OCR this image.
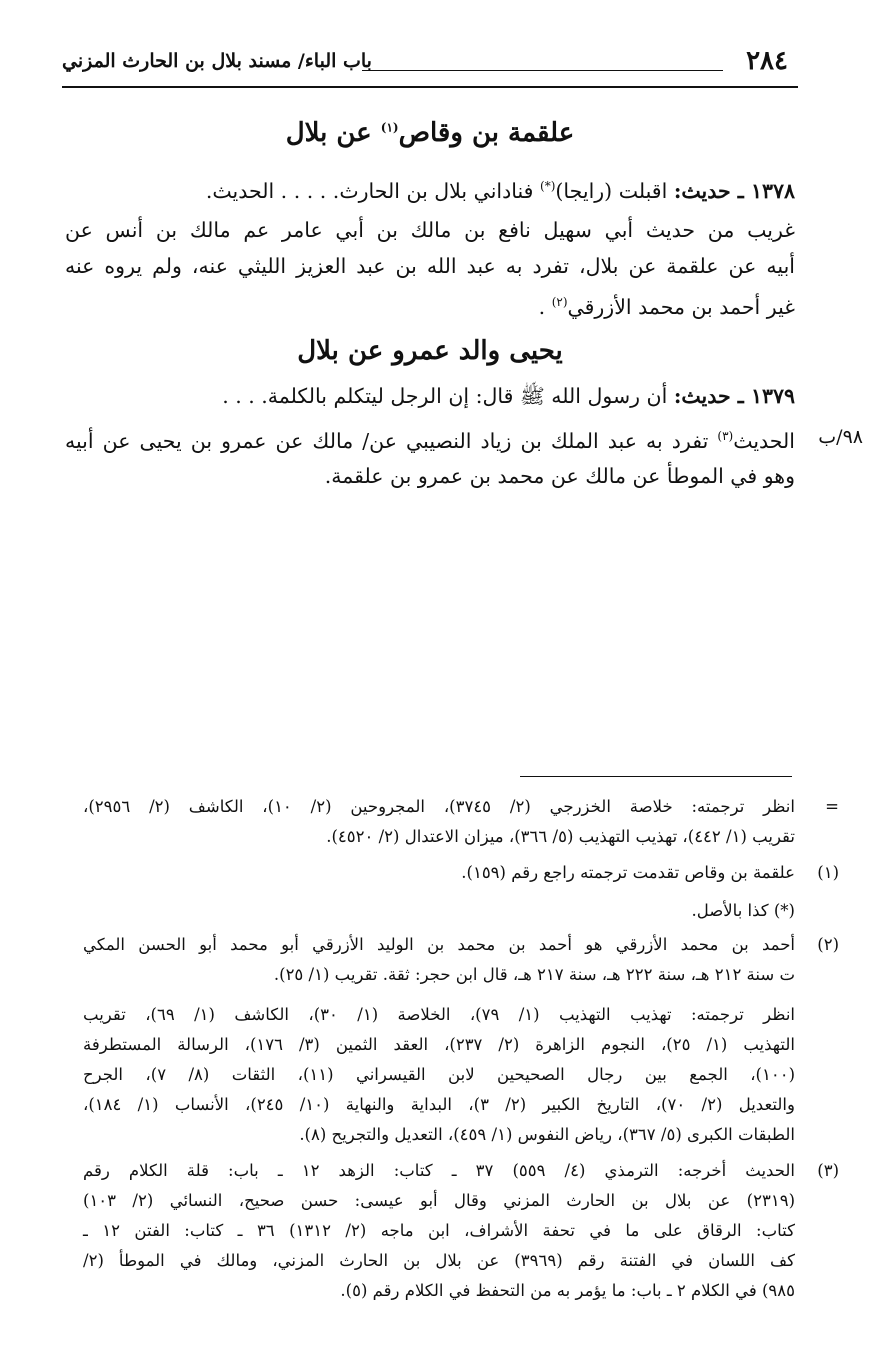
٢٨٤
باب الباء/ مسند بلال بن الحارث المزني
علقمة بن وقاص$^{(١)}$ عن بلال
١٣٧٨ ـ حديث: اقبلت (رايجا)(*) فناداني بلال بن الحارث. . . . . الحديث.
غريب من حديث أبي سهيل نافع بن مالك بن أبي عامر عم مالك بن أنس عن
أبيه عن علقمة عن بلال، تفرد به عبد الله بن عبد العزيز الليثي عنه، ولم يروه عنه
غير أحمد بن محمد الأزرقي$^{(٢)}$ .
يحيى والد عمرو عن بلال
١٣٧٩ ـ حديث: أن رسول الله ﷺ قال: إن الرجل ليتكلم بالكلمة. . . .
الحديث$^{(٣)}$ تفرد به عبد الملك بن زياد النصيبي عن/ مالك عن عمرو بن يحيى عن أبيه
وهو في الموطأ عن مالك عن محمد بن عمرو بن علقمة.
٩٨/ب
=
انظر ترجمته: خلاصة الخزرجي (٢/ ٣٧٤٥)، المجروحين (٢/ ١٠)، الكاشف (٢/ ٢٩٥٦)،
تقريب (١/ ٤٤٢)، تهذيب التهذيب (٥/ ٣٦٦)، ميزان الاعتدال (٢/ ٤٥٢٠).
(١)
علقمة بن وقاص تقدمت ترجمته راجع رقم (١٥٩).
(*) كذا بالأصل.
(٢)
أحمد بن محمد الأزرقي هو أحمد بن محمد بن الوليد الأزرقي أبو محمد أبو الحسن المكي
ت سنة ٢١٢ هـ، سنة ٢٢٢ هـ، سنة ٢١٧ هـ، قال ابن حجر: ثقة. تقريب (١/ ٢٥).
انظر ترجمته: تهذيب التهذيب (١/ ٧٩)، الخلاصة (١/ ٣٠)، الكاشف (١/ ٦٩)، تقريب
التهذيب (١/ ٢٥)، النجوم الزاهرة (٢/ ٢٣٧)، العقد الثمين (٣/ ١٧٦)، الرسالة المستطرفة
(١٠٠)، الجمع بين رجال الصحيحين لابن القيسراني (١١)، الثقات (٨/ ٧)، الجرح
والتعديل (٢/ ٧٠)، التاريخ الكبير (٢/ ٣)، البداية والنهاية (١٠/ ٢٤٥)، الأنساب (١/ ١٨٤)،
الطبقات الكبرى (٥/ ٣٦٧)، رياض النفوس (١/ ٤٥٩)، التعديل والتجريح (٨).
(٣)
الحديث أخرجه: الترمذي (٤/ ٥٥٩) ٣٧ ـ كتاب: الزهد ١٢ ـ باب: قلة الكلام رقم
(٢٣١٩) عن بلال بن الحارث المزني وقال أبو عيسى: حسن صحيح، النسائي (٢/ ١٠٣)
كتاب: الرقاق على ما في تحفة الأشراف، ابن ماجه (٢/ ١٣١٢) ٣٦ ـ كتاب: الفتن ١٢ ـ
كف اللسان في الفتنة رقم (٣٩٦٩) عن بلال بن الحارث المزني، ومالك في الموطأ (٢/
٩٨٥) في الكلام ٢ ـ باب: ما يؤمر به من التحفظ في الكلام رقم (٥).
